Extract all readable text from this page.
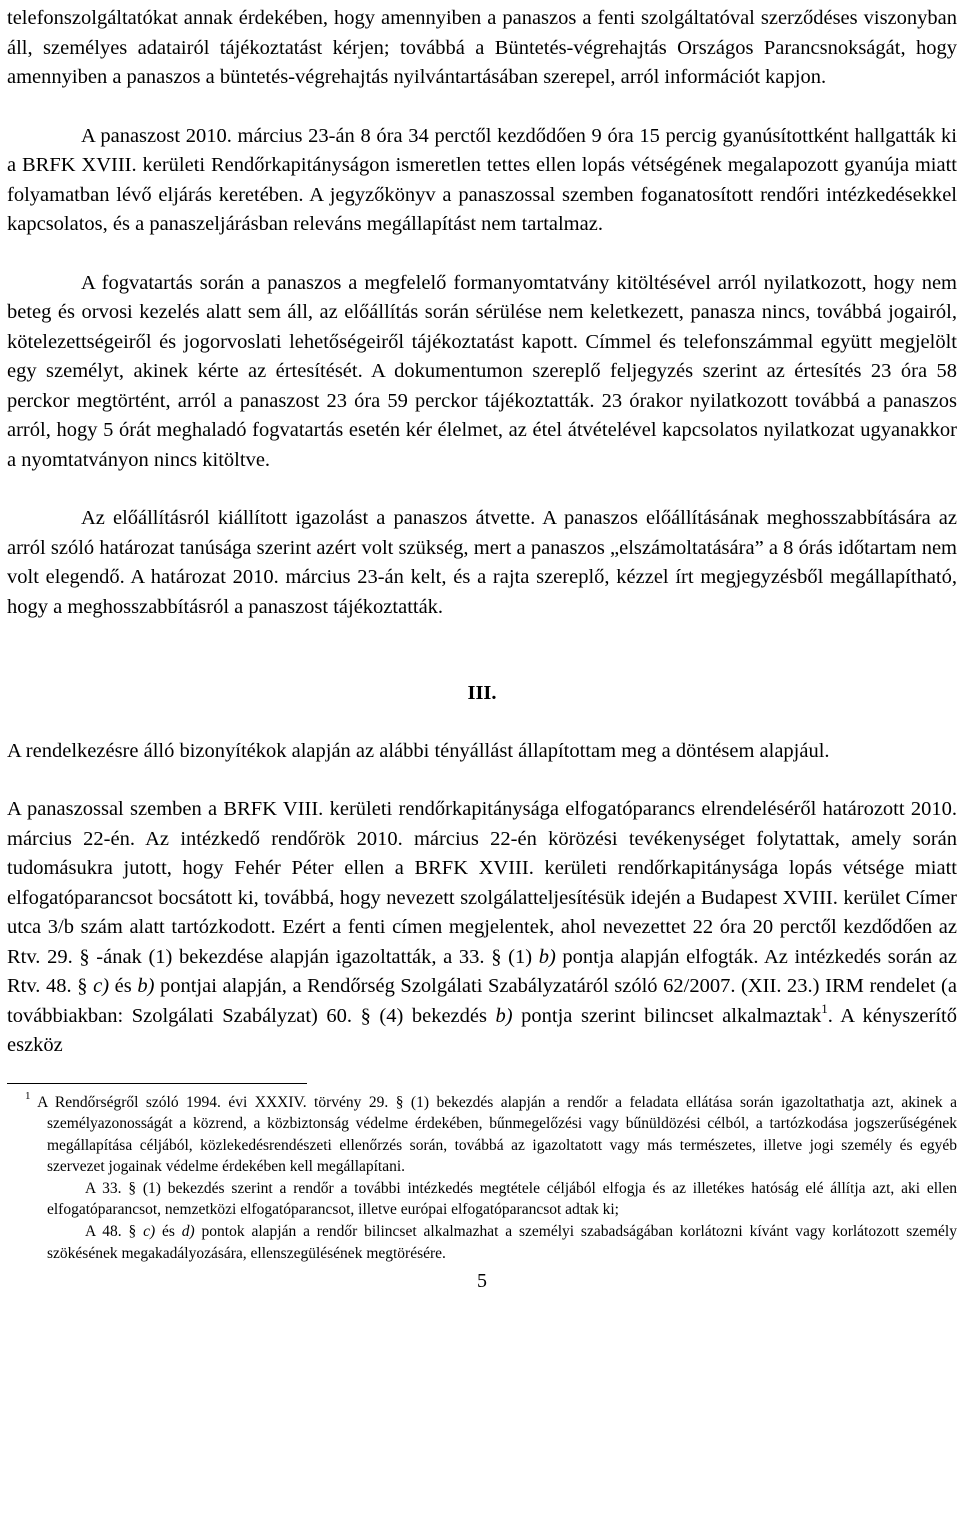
telefonszolgáltatókat annak érdekében, hogy amennyiben a panaszos a fenti szolgáltatóval szerződéses viszonyban áll, személyes adatairól tájékoztatást kérjen; továbbá a Büntetés-végrehajtás Országos Parancsnokságát, hogy amennyiben a panaszos a büntetés-végrehajtás nyilvántartásában szerepel, arról információt kapjon.

A panaszost 2010. március 23-án 8 óra 34 perctől kezdődően 9 óra 15 percig gyanúsítottként hallgatták ki a BRFK XVIII. kerületi Rendőrkapitányságon ismeretlen tettes ellen lopás vétségének megalapozott gyanúja miatt folyamatban lévő eljárás keretében. A jegyzőkönyv a panaszossal szemben foganatosított rendőri intézkedésekkel kapcsolatos, és a panaszeljárásban releváns megállapítást nem tartalmaz.

A fogvatartás során a panaszos a megfelelő formanyomtatvány kitöltésével arról nyilatkozott, hogy nem beteg és orvosi kezelés alatt sem áll, az előállítás során sérülése nem keletkezett, panasza nincs, továbbá jogairól, kötelezettségeiről és jogorvoslati lehetőségeiről tájékoztatást kapott. Címmel és telefonszámmal együtt megjelölt egy személyt, akinek kérte az értesítését. A dokumentumon szereplő feljegyzés szerint az értesítés 23 óra 58 perckor megtörtént, arról a panaszost 23 óra 59 perckor tájékoztatták. 23 órakor nyilatkozott továbbá a panaszos arról, hogy 5 órát meghaladó fogvatartás esetén kér élelmet, az étel átvételével kapcsolatos nyilatkozat ugyanakkor a nyomtatványon nincs kitöltve.

Az előállításról kiállított igazolást a panaszos átvette. A panaszos előállításának meghosszabbítására az arról szóló határozat tanúsága szerint azért volt szükség, mert a panaszos „elszámoltatására” a 8 órás időtartam nem volt elegendő. A határozat 2010. március 23-án kelt, és a rajta szereplő, kézzel írt megjegyzésből megállapítható, hogy a meghosszabbításról a panaszost tájékoztatták.

III.

A rendelkezésre álló bizonyítékok alapján az alábbi tényállást állapítottam meg a döntésem alapjául.

A panaszossal szemben a BRFK VIII. kerületi rendőrkapitánysága elfogatóparancs elrendeléséről határozott 2010. március 22-én. Az intézkedő rendőrök 2010. március 22-én körözési tevékenységet folytattak, amely során tudomásukra jutott, hogy Fehér Péter ellen a BRFK XVIII. kerületi rendőrkapitánysága lopás vétsége miatt elfogatóparancsot bocsátott ki, továbbá, hogy nevezett szolgálatteljesítésük idején a Budapest XVIII. kerület Címer utca 3/b szám alatt tartózkodott. Ezért a fenti címen megjelentek, ahol nevezettet 22 óra 20 perctől kezdődően az Rtv. 29. § -ának (1) bekezdése alapján igazoltatták, a 33. § (1) b) pontja alapján elfogták. Az intézkedés során az Rtv. 48. § c) és b) pontjai alapján, a Rendőrség Szolgálati Szabályzatáról szóló 62/2007. (XII. 23.) IRM rendelet (a továbbiakban: Szolgálati Szabályzat) 60. § (4) bekezdés b) pontja szerint bilincset alkalmaztak$^1$. A kényszerítő eszköz

$^1$ A Rendőrségről szóló 1994. évi XXXIV. törvény 29. § (1) bekezdés alapján a rendőr a feladata ellátása során igazoltathatja azt, akinek a személyazonosságát a közrend, a közbiztonság védelme érdekében, bűnmegelőzési vagy bűnüldözési célból, a tartózkodása jogszerűségének megállapítása céljából, közlekedésrendészeti ellenőrzés során, továbbá az igazoltatott vagy más természetes, illetve jogi személy és egyéb szervezet jogainak védelme érdekében kell megállapítani.

A 33. § (1) bekezdés szerint a rendőr a további intézkedés megtétele céljából elfogja és az illetékes hatóság elé állítja azt, aki ellen elfogatóparancsot, nemzetközi elfogatóparancsot, illetve európai elfogatóparancsot adtak ki;

A 48. § c) és d) pontok alapján a rendőr bilincset alkalmazhat a személyi szabadságában korlátozni kívánt vagy korlátozott személy szökésének megakadályozására, ellenszegülésének megtörésére.

5
